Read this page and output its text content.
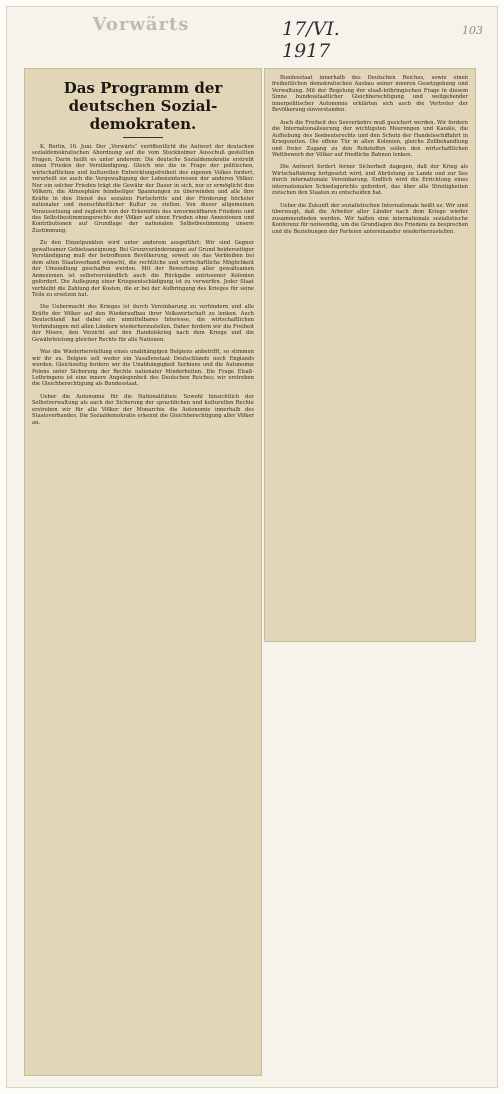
Vorwärts	17/VI. 1917
103
Das Programm der deutschen Sozial-demokraten.

K. Berlin, 16. Juni. Der „Vorwärts“ veröffentlicht die Antwort der deutschen sozialdemokratischen Abordnung auf die vom Stockholmer Ausschuß gestellten Fragen. Darin heißt es unter anderem: Die deutsche Sozialdemokratie erstrebt einen Frieden der Verständigung. Gleich wie die in Frage der politischen, wirtschaftlichen und kulturellen Entwicklungsfreiheit des eigenen Volkes fordert, verurteilt sie auch die Vergewaltigung der Lebensinteressen der anderen Völker. Nur ein solcher Frieden trägt die Gewähr der Dauer in sich, nur er ermöglicht den Völkern, die Atmosphäre feindseliger Spannungen zu überwinden und alle ihre Kräfte in den Dienst des sozialen Fortschritts und der Förderung höchster nationaler und menschheitlicher Kultur zu stellen. Von dieser allgemeinen Voraussetzung und zugleich von der Erkenntnis des unvermeidbaren Friedens und des Selbstbestimmungsrechts der Völker auf einen Frieden ohne Annexionen und Kontributionen auf Grundlage der nationalen Selbstbestimmung unsere Zustimmung.

Zu den Einzelpunkten wird unter anderem ausgeführt: Wir sind Gegner gewaltsamer Gebietsaneignung. Bei Grenzveränderungen auf Grund beiderseitiger Verständigung muß der betroffenen Bevölkerung, soweit sie das Verbleiben bei dem alten Staatsverband wünscht, die rechtliche und wirtschaftliche Möglichkeit der Umsiedlung geschaffen werden. Mit der Bewertung aller gewaltsamen Annexionen ist selbstverständlich auch die Rückgabe entrissener Kolonien gefordert. Die Auflegung einer Kriegsentschädigung ist zu verwerfen. Jeder Staat verbleibt die Zahlung der Kosten, die er bei der Aufbringung des Krieges für seine Teile zu ersetzen hat.

Die Uebermacht des Krieges ist durch Vereinbarung zu verhindern und alle Kräfte der Völker auf den Wiederaufbau ihrer Volkswirtschaft zu lenken. Auch Deutschland hat dabei ein unmittelbares Interesse, die wirtschaftlichen Verbindungen mit allen Ländern wiederherzustellen. Daher fordern wir die Freiheit der Meere, den Verzicht auf den Handelskrieg nach dem Kriege und die Gewährleistung gleicher Rechte für alle Nationen.

Was die Wiederherstellung eines unabhängigen Belgiens anbetrifft, so stimmen wir ihr zu. Belgien soll weder ein Vasallenstaat Deutschlands noch Englands werden. Gleichzeitig fordern wir die Unabhängigkeit Serbiens und die Autonomie Polens unter Sicherung der Rechte nationaler Minderheiten. Die Frage Elsaß-Lothringens ist eine innere Angelegenheit des Deutschen Reiches; wir erstreben die Gleichberechtigung als Bundesstaat.

Ueber die Autonomie für die Nationalitäten: Sowohl hinsichtlich der Selbstverwaltung als auch der Sicherung der sprachlichen und kulturellen Rechte erstreben wir für alle Völker der Monarchie die Autonomie innerhalb des Staatsverbandes. Die Sozialdemokratie erkennt die Gleichberechtigung aller Völker an.

Bundesstaat innerhalb des Deutschen Reiches, sowie einen freiheitlichen demokratischen Ausbau seiner inneren Gesetzgebung und Verwaltung. Mit der Regelung der elsaß-lothringischen Frage in diesem Sinne bundesstaatlicher Gleichberechtigung und weitgehender innerpolitischer Autonomie erklärten sich auch die Vertreter der Bevölkerung einverstanden.

Auch die Freiheit des Seeverkehrs muß gesichert werden. Wir fordern die Internationalisierung der wichtigsten Meerengen und Kanäle, die Aufhebung des Seebeuterechts und den Schutz der Handelsschiffahrt in Kriegszeiten. Die offene Tür in allen Kolonien, gleiche Zollbehandlung und freier Zugang zu den Rohstoffen sollen den wirtschaftlichen Wettbewerb der Völker auf friedliche Bahnen lenken.

Die Antwort fordert ferner Sicherheit dagegen, daß der Krieg als Wirtschaftskrieg fortgesetzt wird, und Abrüstung zu Lande und zur See durch internationale Vereinbarung. Endlich wird die Errichtung eines internationalen Schiedsgerichts gefordert, das über alle Streitigkeiten zwischen den Staaten zu entscheiden hat.

Ueber die Zukunft der sozialistischen Internationale heißt es: Wir sind überzeugt, daß die Arbeiter aller Länder nach dem Kriege wieder zusammenfinden werden. Wir halten eine internationale sozialistische Konferenz für notwendig, um die Grundlagen des Friedens zu besprechen und die Beziehungen der Parteien untereinander wiederherzustellen.
